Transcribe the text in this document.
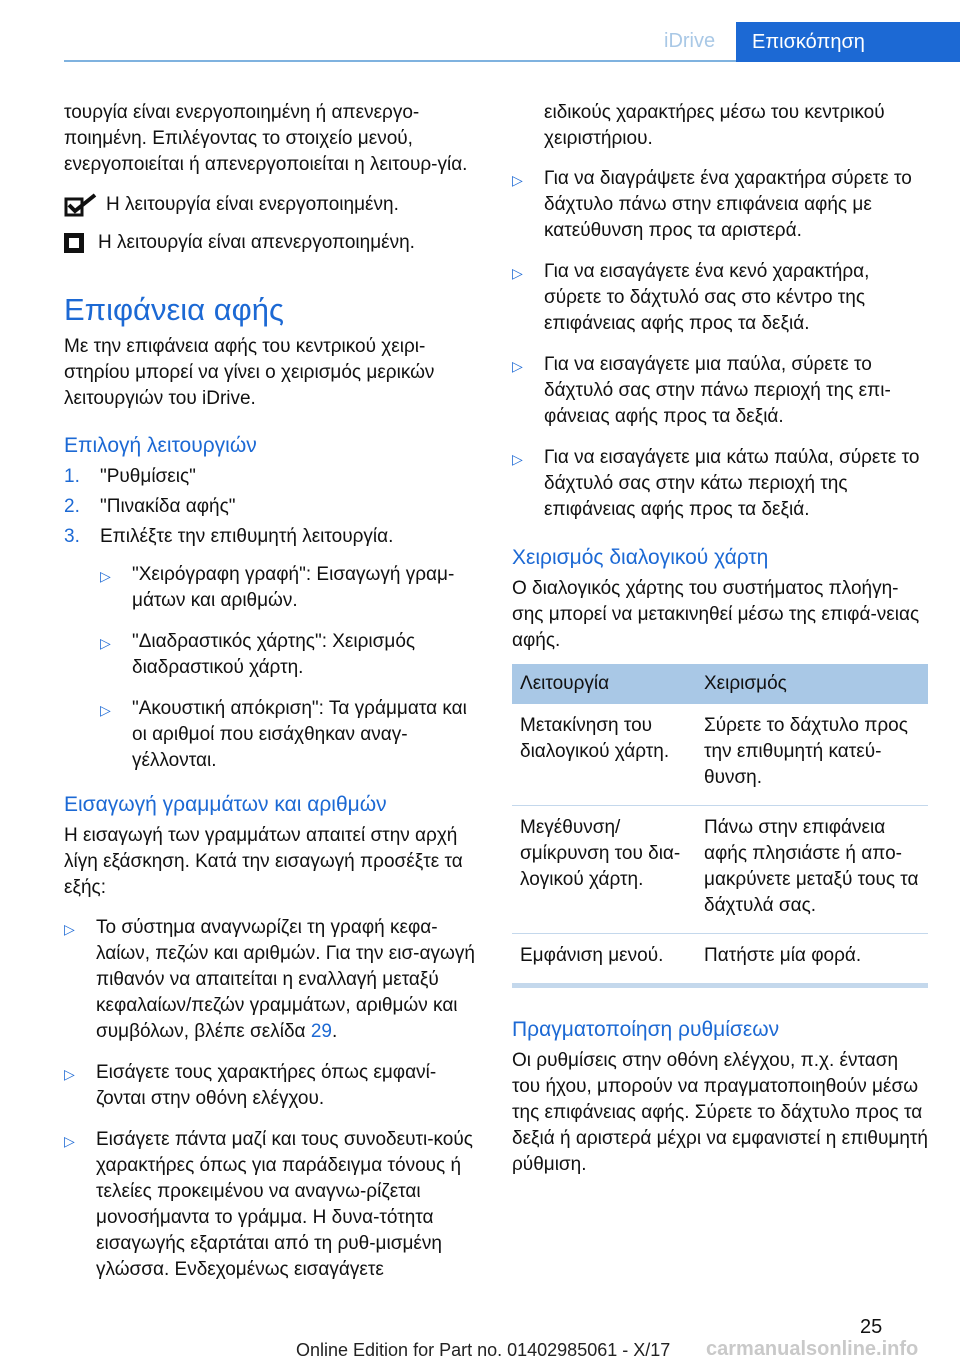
iDrive	Επισκόπηση

τουργία είναι ενεργοποιημένη ή απενεργο-ποιημένη. Επιλέγοντας το στοιχείο μενού, ενεργοποιείται ή απενεργοποιείται η λειτουρ-γία.

Η λειτουργία είναι ενεργοποιημένη.
Η λειτουργία είναι απενεργοποιημένη.
Επιφάνεια αφής

Με την επιφάνεια αφής του κεντρικού χειρι-στηρίου μπορεί να γίνει ο χειρισμός μερικών λειτουργιών του iDrive.

Επιλογή λειτουργιών
1.	"Ρυθμίσεις"
2.	"Πινακίδα αφής"
3.	Επιλέξτε την επιθυμητή λειτουργία.
▷	"Χειρόγραφη γραφή": Εισαγωγή γραμ-μάτων και αριθμών.
▷	"Διαδραστικός χάρτης": Χειρισμός διαδραστικού χάρτη.
▷	"Ακουστική απόκριση": Τα γράμματα και οι αριθμοί που εισάχθηκαν αναγ-γέλλονται.
Εισαγωγή γραμμάτων και αριθμών

Η εισαγωγή των γραμμάτων απαιτεί στην αρχή λίγη εξάσκηση. Κατά την εισαγωγή προσέξτε τα εξής:

▷	Το σύστημα αναγνωρίζει τη γραφή κεφα-λαίων, πεζών και αριθμών. Για την εισ-αγωγή πιθανόν να απαιτείται η εναλλαγή μεταξύ κεφαλαίων/πεζών γραμμάτων, αριθμών και συμβόλων, βλέπε σελίδα 29.
▷	Εισάγετε τους χαρακτήρες όπως εμφανί-ζονται στην οθόνη ελέγχου.
▷	Εισάγετε πάντα μαζί και τους συνοδευτι-κούς χαρακτήρες όπως για παράδειγμα τόνους ή τελείες προκειμένου να αναγνω-ρίζεται μονοσήμαντα το γράμμα. Η δυνα-τότητα εισαγωγής εξαρτάται από τη ρυθ-μισμένη γλώσσα. Ενδεχομένως εισαγάγετε

ειδικούς χαρακτήρες μέσω του κεντρικού χειριστήριου.

▷	Για να διαγράψετε ένα χαρακτήρα σύρετε το δάχτυλο πάνω στην επιφάνεια αφής με κατεύθυνση προς τα αριστερά.
▷	Για να εισαγάγετε ένα κενό χαρακτήρα, σύρετε το δάχτυλό σας στο κέντρο της επιφάνειας αφής προς τα δεξιά.
▷	Για να εισαγάγετε μια παύλα, σύρετε το δάχτυλό σας στην πάνω περιοχή της επι-φάνειας αφής προς τα δεξιά.
▷	Για να εισαγάγετε μια κάτω παύλα, σύρετε το δάχτυλό σας στην κάτω περιοχή της επιφάνειας αφής προς τα δεξιά.
Χειρισμός διαλογικού χάρτη

Ο διαλογικός χάρτης του συστήματος πλοήγη-σης μπορεί να μετακινηθεί μέσω της επιφά-νειας αφής.

Λειτουργία	Χειρισμός
Μετακίνηση του διαλογικού χάρτη.	Σύρετε το δάχτυλο προς την επιθυμητή κατεύ-θυνση.
Μεγέθυνση/σμίκρυνση του δια-λογικού χάρτη.	Πάνω στην επιφάνεια αφής πλησιάστε ή απο-μακρύνετε μεταξύ τους τα δάχτυλά σας.
Εμφάνιση μενού.	Πατήστε μία φορά.
Πραγματοποίηση ρυθμίσεων

Οι ρυθμίσεις στην οθόνη ελέγχου, π.χ. ένταση του ήχου, μπορούν να πραγματοποιηθούν μέσω της επιφάνειας αφής. Σύρετε το δάχτυλο προς τα δεξιά ή αριστερά μέχρι να εμφανιστεί η επιθυμητή ρύθμιση.

25
carmanualsonline.info
Online Edition for Part no. 01402985061 - X/17
